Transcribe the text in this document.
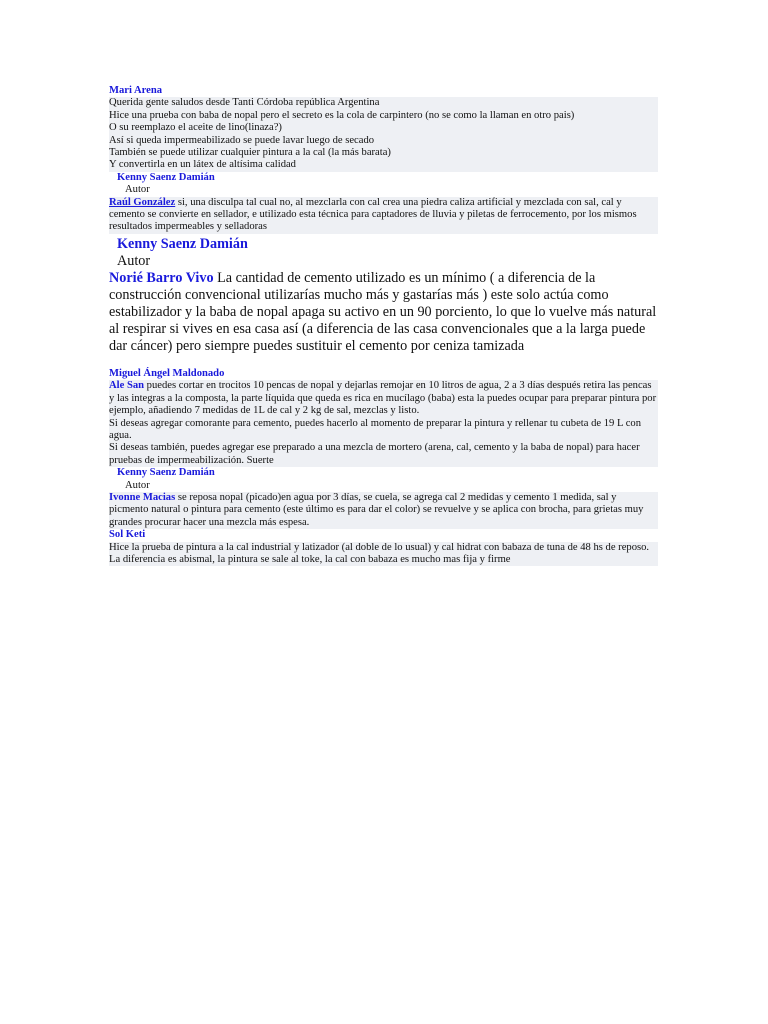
Mari Arena

Querida gente saludos desde Tanti Córdoba república Argentina

Hice una prueba con baba de nopal pero el secreto es la cola de carpintero (no se como la llaman en otro pais)

O su reemplazo el aceite de lino(linaza?)

Así si queda impermeabilizado se puede lavar luego de secado

También se puede utilizar cualquier pintura a la cal (la más barata)

Y convertirla en un látex de altísima calidad

Kenny Saenz Damián
Autor
Raúl González si, una disculpa tal cual no, al mezclarla con cal crea una piedra caliza artificial y mezclada con sal, cal y cemento se convierte en sellador, e utilizado esta técnica para captadores de lluvia y piletas de ferrocemento, por los mismos resultados impermeables y selladoras
Kenny Saenz Damián
Autor
Norié Barro Vivo La cantidad de cemento utilizado es un mínimo ( a diferencia de la construcción convencional utilizarías mucho más y gastarías más ) este solo actúa como estabilizador y la baba de nopal apaga su activo en un 90 porciento, lo que lo vuelve más natural al respirar si vives en esa casa así (a diferencia de las casa convencionales que a la larga puede dar cáncer) pero siempre puedes sustituir el cemento por ceniza tamizada
Miguel Ángel Maldonado

Ale San puedes cortar en trocitos 10 pencas de nopal y dejarlas remojar en 10 litros de agua, 2 a 3 días después retira las pencas y las integras a la composta, la parte líquida que queda es rica en mucílago (baba) esta la puedes ocupar para preparar pintura por ejemplo, añadiendo 7 medidas de 1L de cal y 2 kg de sal, mezclas y listo.

Si deseas agregar comorante para cemento, puedes hacerlo al momento de preparar la pintura y rellenar tu cubeta de 19 L con agua.

Si deseas también, puedes agregar ese preparado a una mezcla de mortero (arena, cal, cemento y la baba de nopal) para hacer pruebas de impermeabilización. Suerte

Kenny Saenz Damián
Autor
Ivonne Macias se reposa nopal (picado)en agua por 3 días, se cuela, se agrega cal 2 medidas y cemento 1 medida, sal y picmento natural o pintura para cemento (este último es para dar el color) se revuelve y se aplica con brocha, para grietas muy grandes procurar hacer una mezcla más espesa.
Sol Keti
Hice la prueba de pintura a la cal industrial y latizador (al doble de lo usual) y cal hidrat con babaza de tuna de 48 hs de reposo. La diferencia es abismal, la pintura se sale al toke, la cal con babaza es mucho mas fija y firme
